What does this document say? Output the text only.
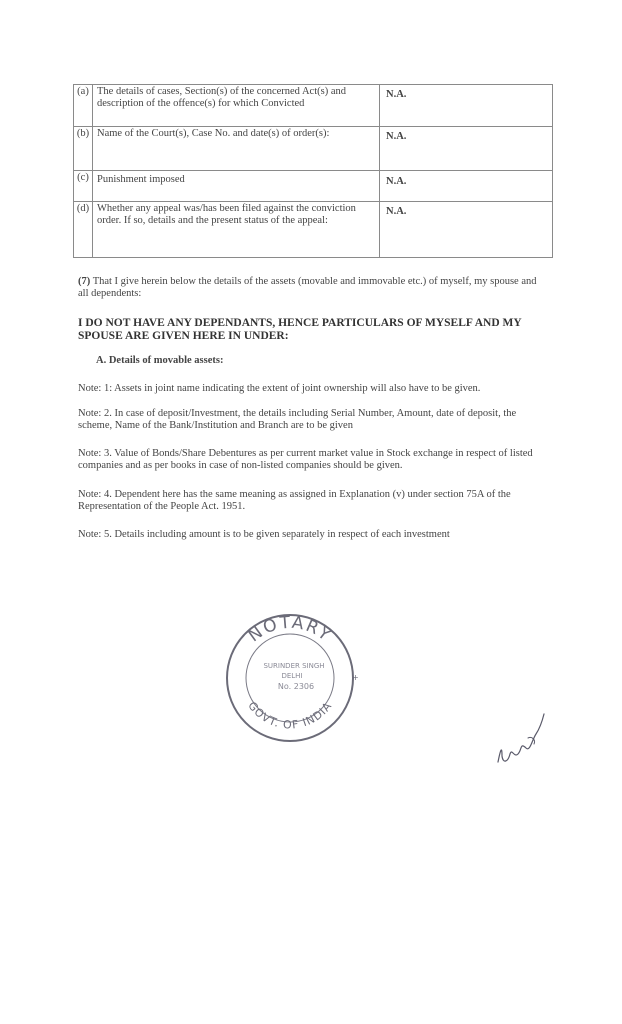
(a)	The details of cases, Section(s) of the concerned Act(s) and description of the offence(s) for which Convicted	N.A.
(b)	Name of the Court(s), Case No. and date(s) of order(s):	N.A.
(c)	Punishment imposed	N.A.
(d)	Whether any appeal was/has been filed against the conviction order. If so, details and the present status of the appeal:	N.A.
(7) That I give herein below the details of the assets (movable and immovable etc.) of myself, my spouse and all dependents:
I DO NOT HAVE ANY DEPENDANTS, HENCE PARTICULARS OF MYSELF AND MY SPOUSE ARE GIVEN HERE IN UNDER:
A. Details of movable assets:
Note: 1: Assets in joint name indicating the extent of joint ownership will also have to be given.
Note: 2. In case of deposit/Investment, the details including Serial Number, Amount, date of deposit, the scheme, Name of the Bank/Institution and Branch are to be given
Note: 3. Value of Bonds/Share Debentures as per current market value in Stock exchange in respect of listed companies and as per books in case of non-listed companies should be given.
Note: 4. Dependent here has the same meaning as assigned in Explanation (v) under section 75A of the Representation of the People Act. 1951.
Note: 5. Details including amount is to be given separately in respect of each investment
NOTARY
GOVT. OF INDIA
SURINDER SINGH
DELHI
No. 2306
+
